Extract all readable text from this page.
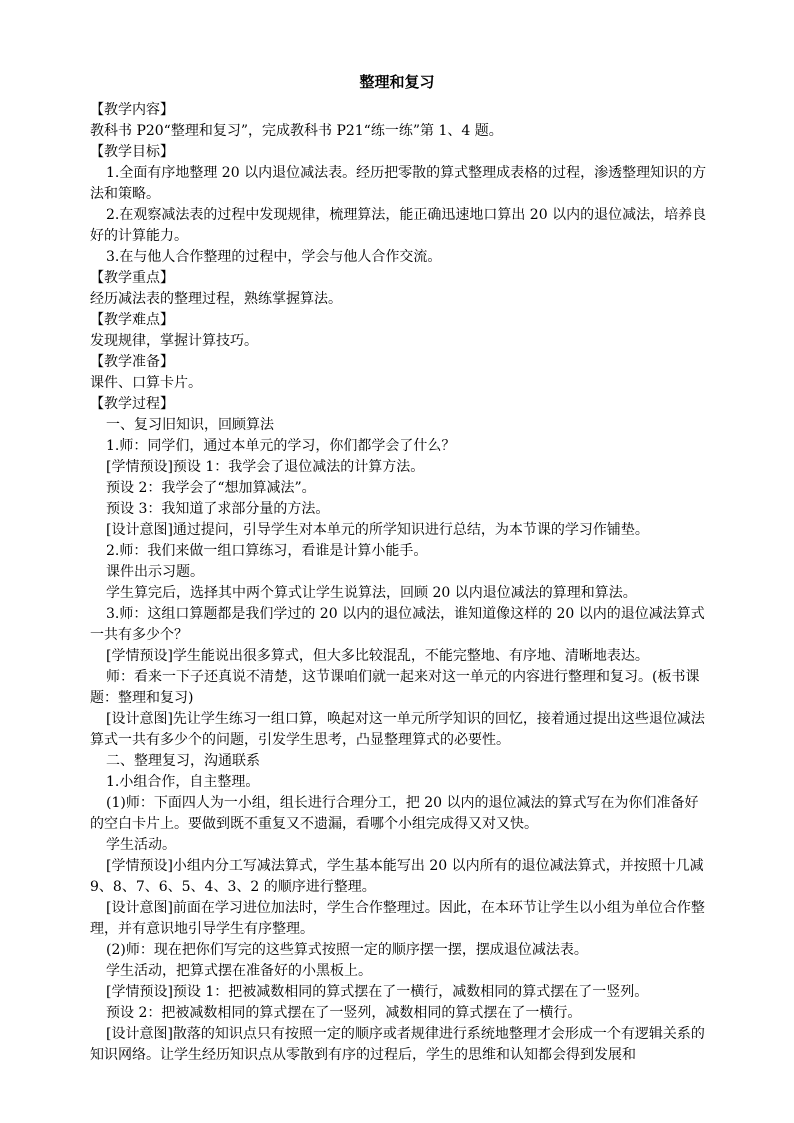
整理和复习

【教学内容】

教科书 P20“整理和复习”，完成教科书 P21“练一练”第 1、4 题。

【教学目标】

1.全面有序地整理 20 以内退位减法表。经历把零散的算式整理成表格的过程，渗透整理知识的方法和策略。

2.在观察减法表的过程中发现规律，梳理算法，能正确迅速地口算出 20 以内的退位减法，培养良好的计算能力。

3.在与他人合作整理的过程中，学会与他人合作交流。

【教学重点】

经历减法表的整理过程，熟练掌握算法。

【教学难点】

发现规律，掌握计算技巧。

【教学准备】

课件、口算卡片。

【教学过程】

一、复习旧知识，回顾算法

1.师：同学们，通过本单元的学习，你们都学会了什么？

[学情预设]预设 1：我学会了退位减法的计算方法。

预设 2：我学会了“想加算减法”。

预设 3：我知道了求部分量的方法。

[设计意图]通过提问，引导学生对本单元的所学知识进行总结，为本节课的学习作铺垫。

2.师：我们来做一组口算练习，看谁是计算小能手。

课件出示习题。

学生算完后，选择其中两个算式让学生说算法，回顾 20 以内退位减法的算理和算法。

3.师：这组口算题都是我们学过的 20 以内的退位减法，谁知道像这样的 20 以内的退位减法算式一共有多少个？

[学情预设]学生能说出很多算式，但大多比较混乱，不能完整地、有序地、清晰地表达。

师：看来一下子还真说不清楚，这节课咱们就一起来对这一单元的内容进行整理和复习。(板书课题：整理和复习)

[设计意图]先让学生练习一组口算，唤起对这一单元所学知识的回忆，接着通过提出这些退位减法算式一共有多少个的问题，引发学生思考，凸显整理算式的必要性。

二、整理复习，沟通联系

1.小组合作，自主整理。

(1)师：下面四人为一小组，组长进行合理分工，把 20 以内的退位减法的算式写在为你们准备好的空白卡片上。要做到既不重复又不遗漏，看哪个小组完成得又对又快。

学生活动。

[学情预设]小组内分工写减法算式，学生基本能写出 20 以内所有的退位减法算式，并按照十几减 9、8、7、6、5、4、3、2 的顺序进行整理。

[设计意图]前面在学习进位加法时，学生合作整理过。因此，在本环节让学生以小组为单位合作整理，并有意识地引导学生有序整理。

(2)师：现在把你们写完的这些算式按照一定的顺序摆一摆，摆成退位减法表。

学生活动，把算式摆在准备好的小黑板上。

[学情预设]预设 1：把被减数相同的算式摆在了一横行，减数相同的算式摆在了一竖列。

预设 2：把被减数相同的算式摆在了一竖列，减数相同的算式摆在了一横行。

[设计意图]散落的知识点只有按照一定的顺序或者规律进行系统地整理才会形成一个有逻辑关系的知识网络。让学生经历知识点从零散到有序的过程后，学生的思维和认知都会得到发展和
